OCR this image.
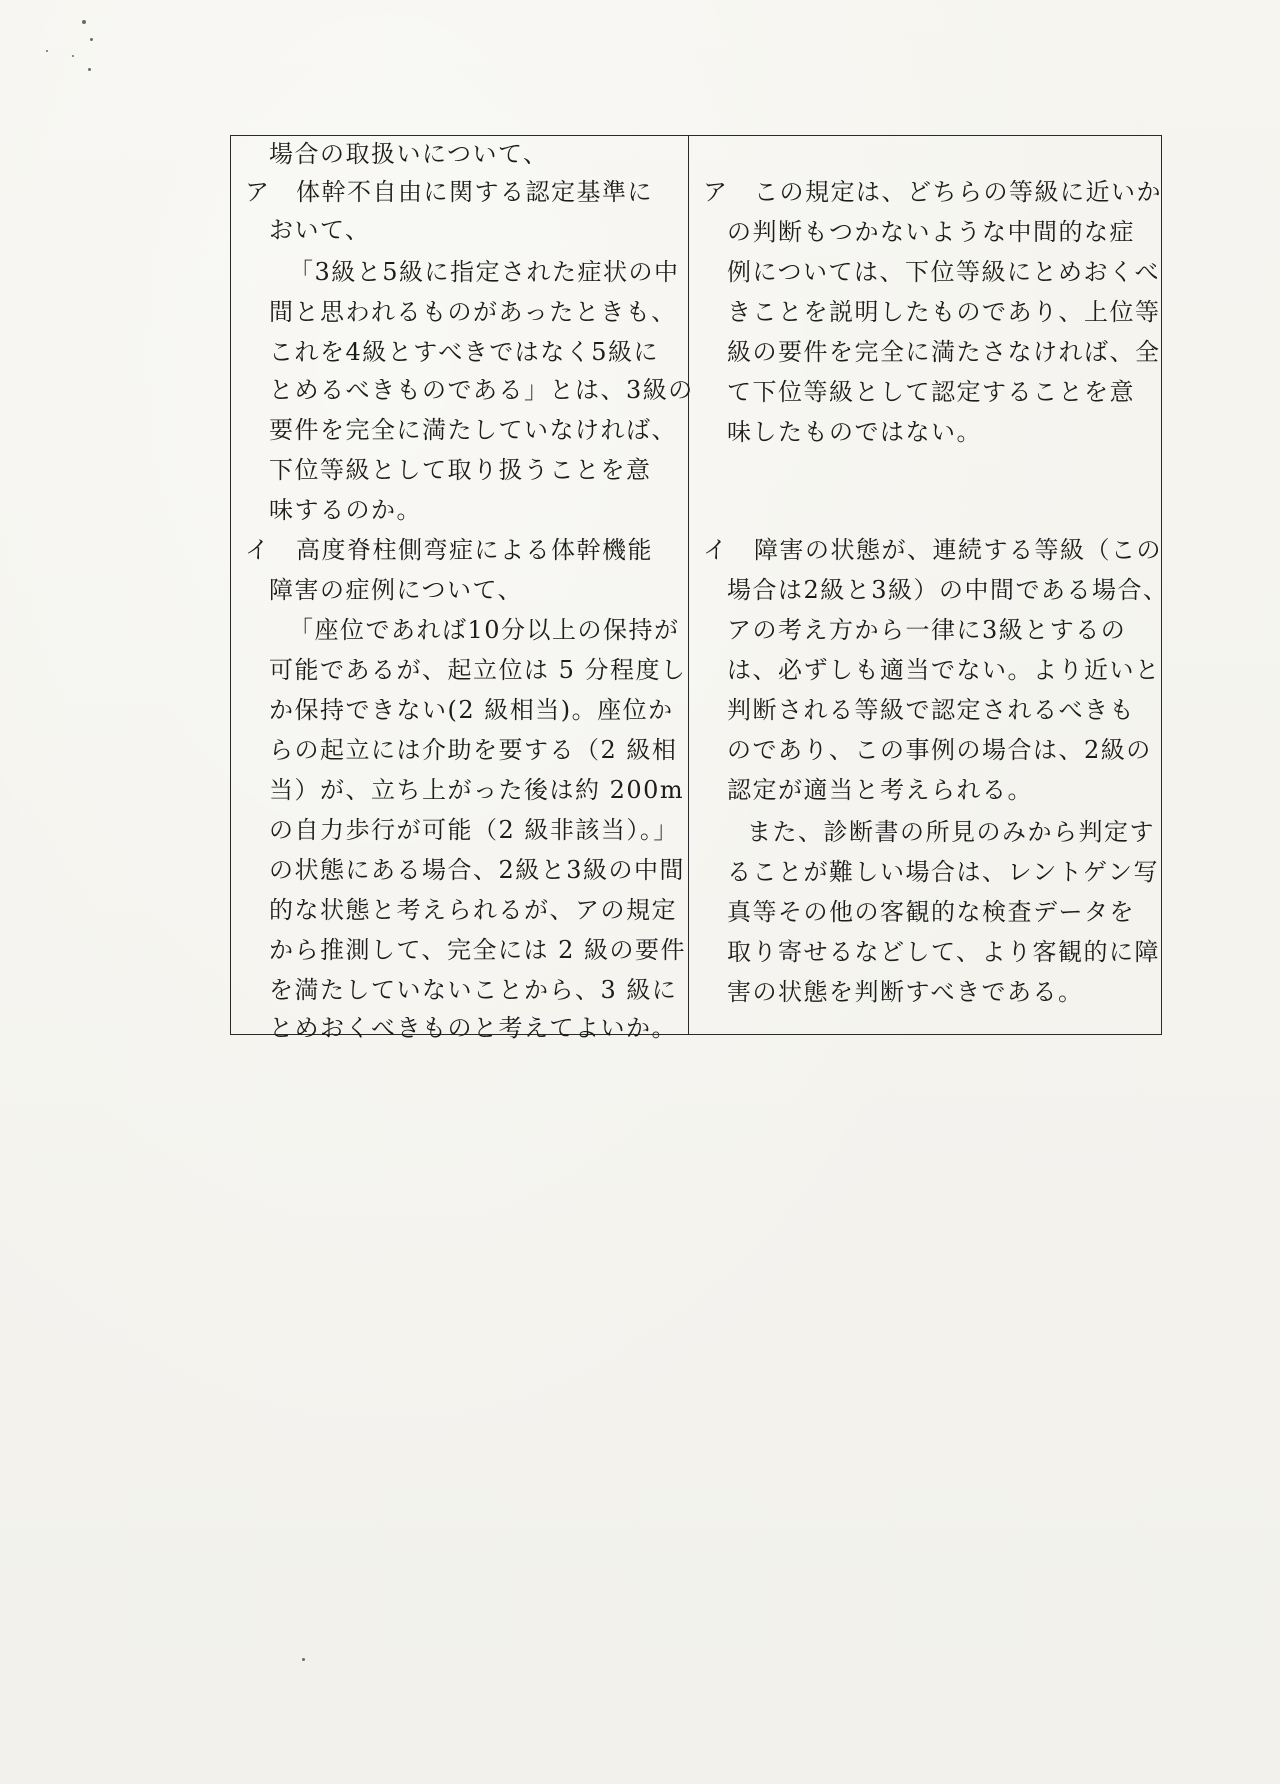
場合の取扱いについて、
ア　体幹不自由に関する認定基準に
おいて、
「3級と5級に指定された症状の中
間と思われるものがあったときも、
これを4級とすべきではなく5級に
とめるべきものである」とは、3級の
要件を完全に満たしていなければ、
下位等級として取り扱うことを意
味するのか。
イ　高度脊柱側弯症による体幹機能
障害の症例について、
「座位であれば10分以上の保持が
可能であるが、起立位は 5 分程度し
か保持できない(2 級相当)。座位か
らの起立には介助を要する（2 級相
当）が、立ち上がった後は約 200m
の自力歩行が可能（2 級非該当）。」
の状態にある場合、2級と3級の中間
的な状態と考えられるが、アの規定
から推測して、完全には 2 級の要件
を満たしていないことから、3 級に
とめおくべきものと考えてよいか。
ア　この規定は、どちらの等級に近いか
の判断もつかないような中間的な症
例については、下位等級にとめおくべ
きことを説明したものであり、上位等
級の要件を完全に満たさなければ、全
て下位等級として認定することを意
味したものではない。
イ　障害の状態が、連続する等級（この
場合は2級と3級）の中間である場合、
アの考え方から一律に3級とするの
は、必ずしも適当でない。より近いと
判断される等級で認定されるべきも
のであり、この事例の場合は、2級の
認定が適当と考えられる。
また、診断書の所見のみから判定す
ることが難しい場合は、レントゲン写
真等その他の客観的な検査データを
取り寄せるなどして、より客観的に障
害の状態を判断すべきである。
